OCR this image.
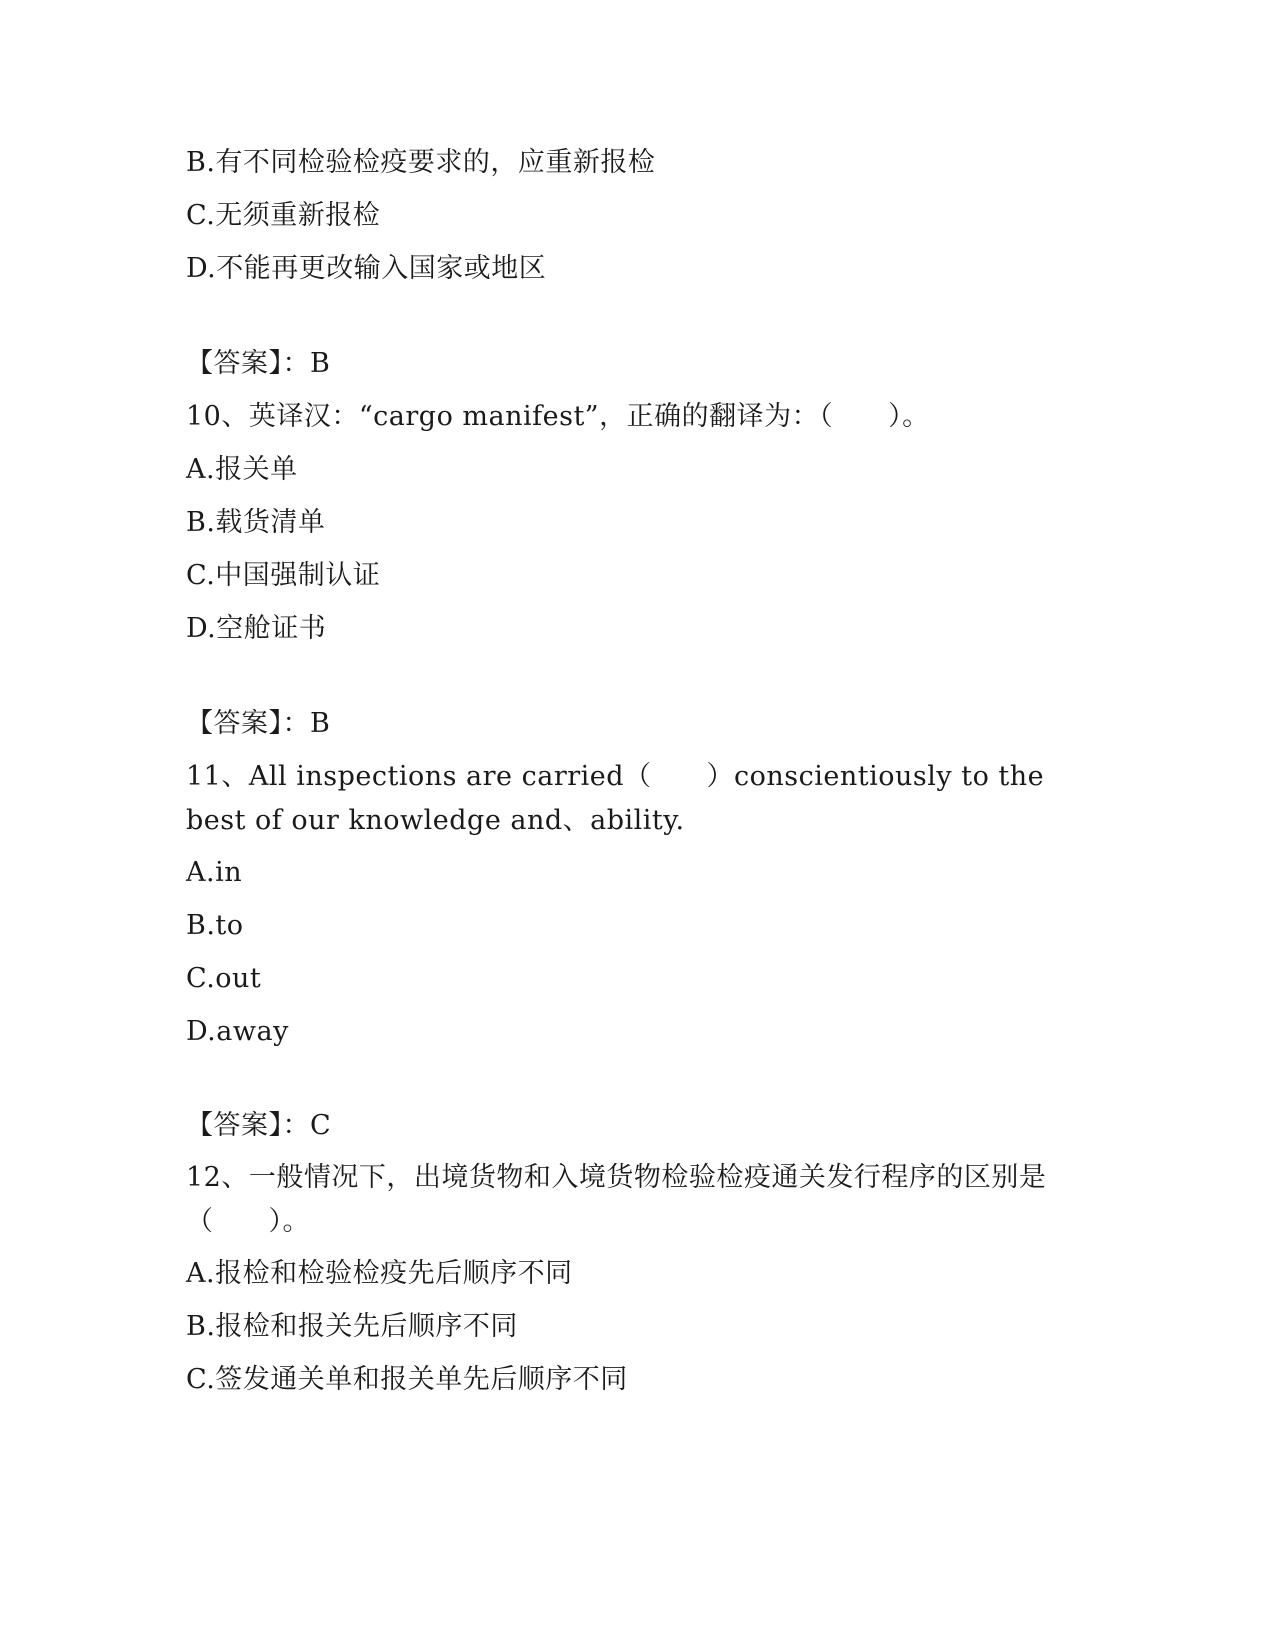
B.有不同检验检疫要求的，应重新报检
C.无须重新报检
D.不能再更改输入国家或地区
【答案】：B
10、英译汉：“cargo manifest”，正确的翻译为：（　　）。
A.报关单
B.载货清单
C.中国强制认证
D.空舱证书
【答案】：B
11、All inspections are carried（　　）conscientiously to the best of our knowledge and、ability.
A.in
B.to
C.out
D.away
【答案】：C
12、一般情况下，出境货物和入境货物检验检疫通关发行程序的区别是（　　）。
A.报检和检验检疫先后顺序不同
B.报检和报关先后顺序不同
C.签发通关单和报关单先后顺序不同
